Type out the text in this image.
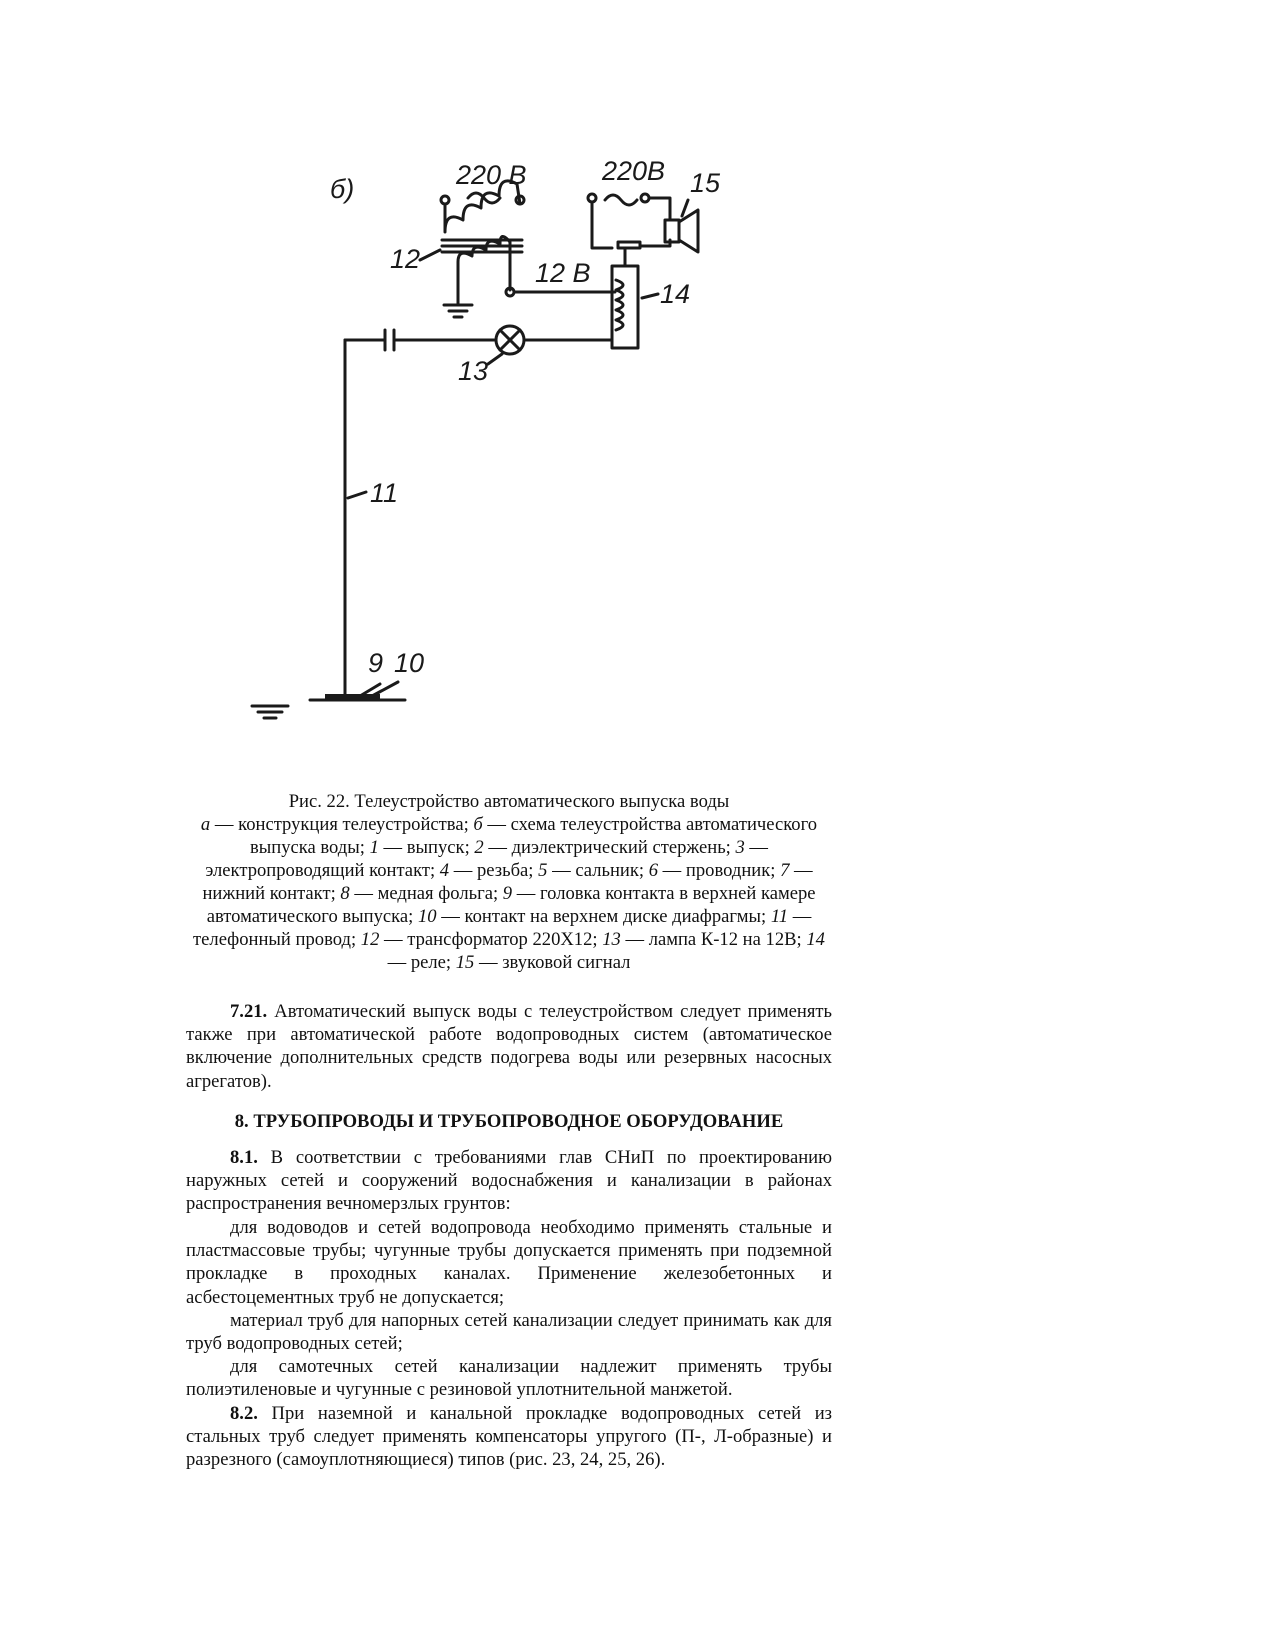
б)	220 В
12	12 В
220В
14
15
13
11
9 10
Рис. 22. Телеустройство автоматического выпуска воды
а — конструкция телеустройства; б — схема телеустройства автоматического выпуска воды; 1 — выпуск; 2 — диэлектрический стержень; 3 — электропроводящий контакт; 4 — резьба; 5 — сальник; 6 — проводник; 7 — нижний контакт; 8 — медная фольга; 9 — головка контакта в верхней камере автоматического выпуска; 10 — контакт на верхнем диске диафрагмы; 11 — телефонный провод; 12 — трансформатор 220Х12; 13 — лампа К-12 на 12В; 14 — реле; 15 — звуковой сигнал

7.21. Автоматический выпуск воды с телеустройством следует применять также при автоматической работе водопроводных систем (автоматическое включение дополнительных средств подогрева воды или резервных насосных агрегатов).

8. ТРУБОПРОВОДЫ И ТРУБОПРОВОДНОЕ ОБОРУДОВАНИЕ

8.1. В соответствии с требованиями глав СНиП по проектированию наружных сетей и сооружений водоснабжения и канализации в районах распространения вечномерзлых грунтов:

для водоводов и сетей водопровода необходимо применять стальные и пластмассовые трубы; чугунные трубы допускается применять при подземной прокладке в проходных каналах. Применение железобетонных и асбестоцементных труб не допускается;

материал труб для напорных сетей канализации следует принимать как для труб водопроводных сетей;

для самотечных сетей канализации надлежит применять трубы полиэтиленовые и чугунные с резиновой уплотнительной манжетой.

8.2. При наземной и канальной прокладке водопроводных сетей из стальных труб следует применять компенсаторы упругого (П-, Л-образные) и разрезного (самоуплотняющиеся) типов (рис. 23, 24, 25, 26).
